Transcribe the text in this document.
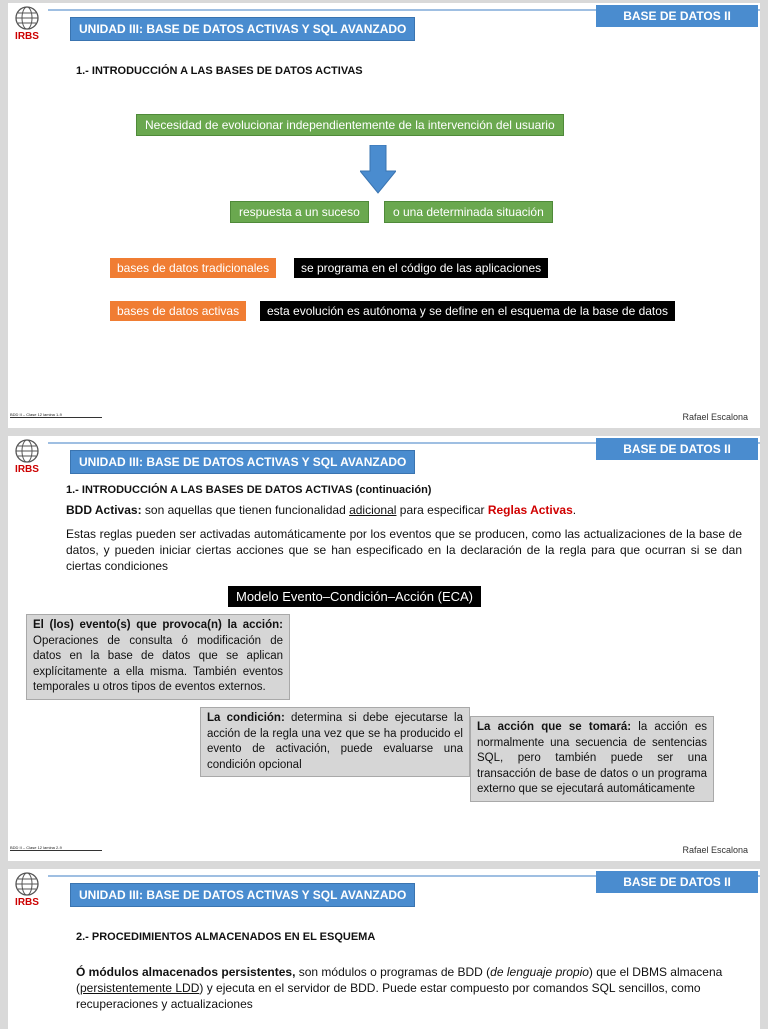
IRBS
BASE DE DATOS II
UNIDAD III: BASE DE DATOS ACTIVAS Y SQL AVANZADO
1.- INTRODUCCIÓN A LAS BASES DE DATOS ACTIVAS
Necesidad de evolucionar independientemente de la intervención del usuario
respuesta a un suceso	o una determinada situación
bases de datos tradicionales	se programa en el código de las aplicaciones
bases de datos activas	esta evolución es autónoma y se define en el esquema de la base de datos
BDD II – Clase 12 lamina 1-9	Rafael Escalona
IRBS
BASE DE DATOS II
UNIDAD III: BASE DE DATOS ACTIVAS Y SQL AVANZADO
1.- INTRODUCCIÓN A LAS BASES DE DATOS ACTIVAS (continuación)
BDD Activas: son aquellas que tienen funcionalidad adicional para especificar Reglas Activas.
Estas reglas pueden ser activadas automáticamente por los eventos que se producen, como las actualizaciones de la base de datos, y pueden iniciar ciertas acciones que se han especificado en la declaración de la regla para que ocurran si se dan ciertas condiciones
Modelo Evento–Condición–Acción (ECA)
El (los) evento(s) que provoca(n) la acción: Operaciones de consulta ó modificación de datos en la base de datos que se aplican explícitamente a ella misma. También eventos temporales u otros tipos de eventos externos.
La condición: determina si debe ejecutarse la acción de la regla una vez que se ha producido el evento de activación, puede evaluarse una condición opcional
La acción que se tomará: la acción es normalmente una secuencia de sentencias SQL, pero también puede ser una transacción de base de datos o un programa externo que se ejecutará automáticamente
BDD II – Clase 12 lamina 2-9	Rafael Escalona
IRBS
BASE DE DATOS II
UNIDAD III: BASE DE DATOS ACTIVAS Y SQL AVANZADO
2.- PROCEDIMIENTOS ALMACENADOS EN EL ESQUEMA
Ó módulos almacenados persistentes, son módulos o programas de BDD (de lenguaje propio) que el DBMS almacena (persistentemente LDD) y ejecuta en el servidor de BDD. Puede estar compuesto por comandos SQL sencillos, como recuperaciones y actualizaciones
